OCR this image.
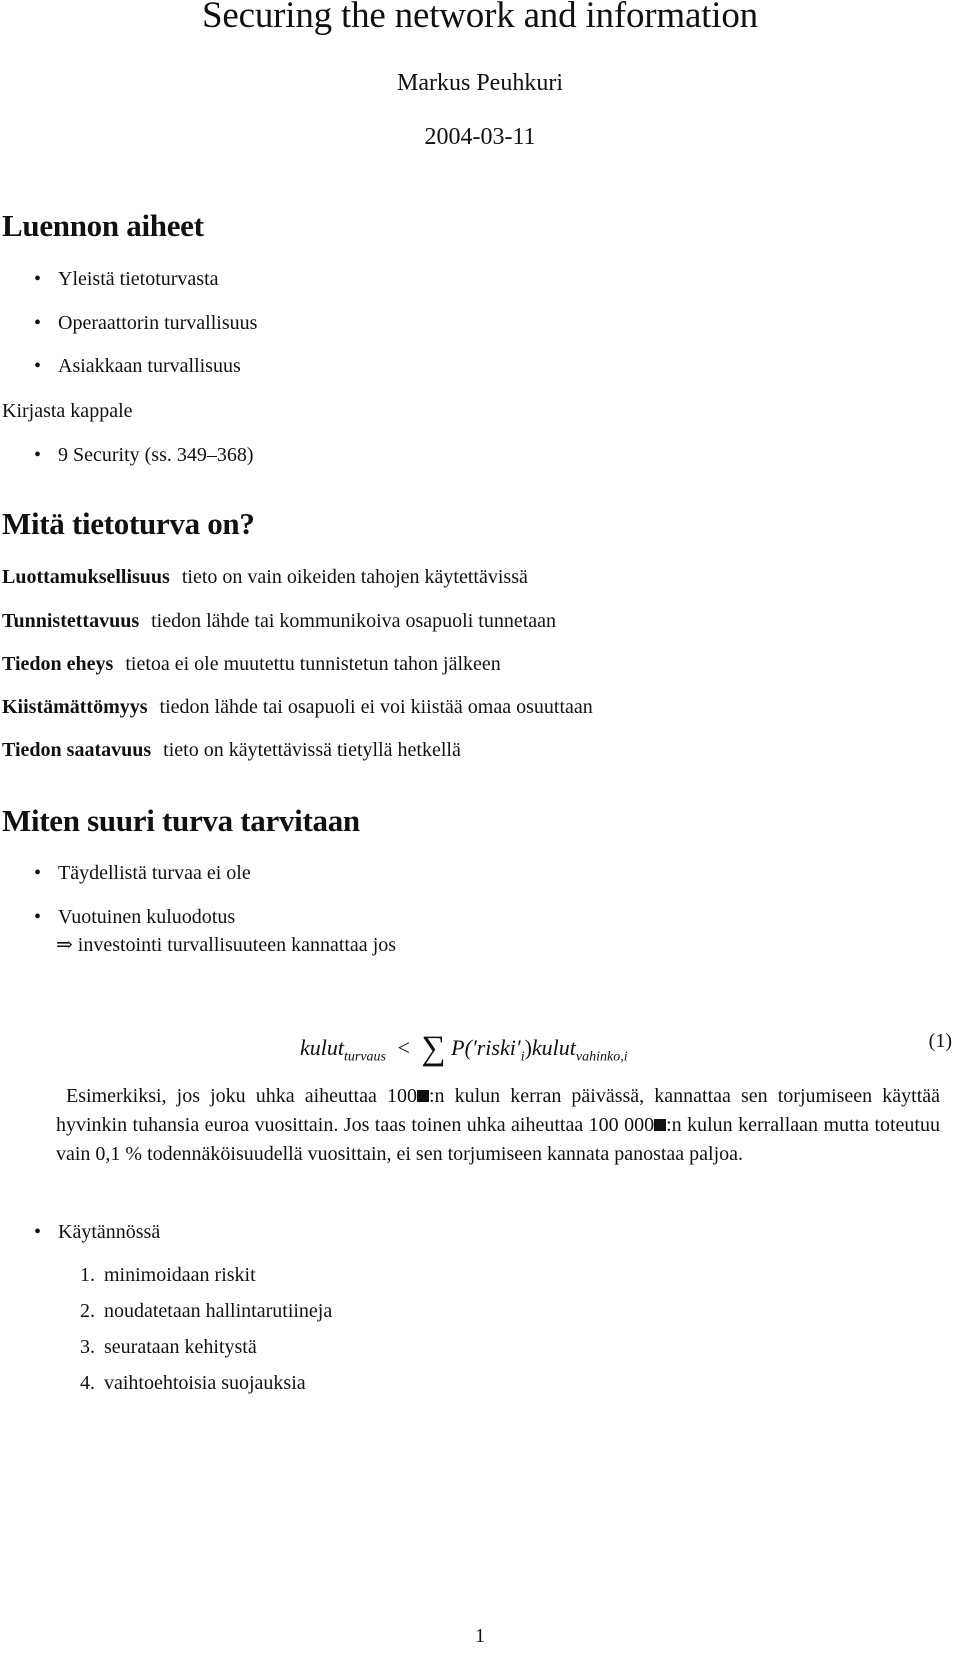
Securing the network and information
Markus Peuhkuri
2004-03-11
Luennon aiheet
• Yleistä tietoturvasta
• Operaattorin turvallisuus
• Asiakkaan turvallisuus
Kirjasta kappale
• 9 Security (ss. 349–368)
Mitä tietoturva on?
Luottamuksellisuus tieto on vain oikeiden tahojen käytettävissä
Tunnistettavuus tiedon lähde tai kommunikoiva osapuoli tunnetaan
Tiedon eheys tietoa ei ole muutettu tunnistetun tahon jälkeen
Kiistämättömyys tiedon lähde tai osapuoli ei voi kiistää omaa osuuttaan
Tiedon saatavuus tieto on käytettävissä tietyllä hetkellä
Miten suuri turva tarvitaan
• Täydellistä turvaa ei ole
• Vuotuinen kuluodotus
⇒ investointi turvallisuuteen kannattaa jos
kulut$_{turvaus}$ < ∑ $P('riski'_i)kulut_{vahinko,i}$
(1)
Esimerkiksi, jos joku uhka aiheuttaa 100 :n kulun kerran päivässä, kannattaa sen torjumiseen käyttää hyvinkin tuhansia euroa vuosittain. Jos taas toinen uhka aiheuttaa 100 000 :n kulun kerrallaan mutta toteutuu vain 0,1 % todennäköisuudellä vuosittain, ei sen torjumiseen kannata panostaa paljoa.
• Käytännössä
1. minimoidaan riskit
2. noudatetaan hallintarutiineja
3. seurataan kehitystä
4. vaihtoehtoisia suojauksia
1
